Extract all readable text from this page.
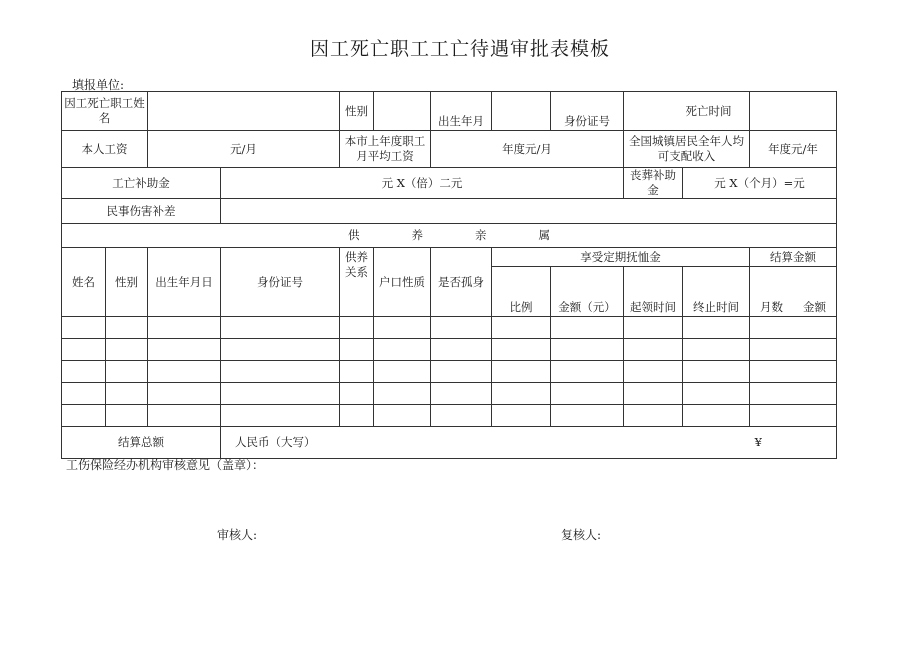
因工死亡职工工亡待遇审批表模板
填报单位:
因工死亡职工姓名				性别		出生年月		身份证号		死亡时间	
本人工资		元/月		本市上年度职工月平均工资		年度元/月			全国城镇居民全年人均可支配收入		年度元/年
工亡补助金			元 X（倍）二元						丧葬补助金	元 X（个月）=元	
民事伤害补差											

供 养 亲 属											

姓名	性别	出生年月日	身份证号	供养关系	户口性质	是否孤身	享受定期抚恤金				结算金额
							比例	金额（元）	起领时间	终止时间	月数 金额

结算总额			人民币（大写） ¥								
工伤保险经办机构审核意见（盖章）：
审核人:	复核人:
